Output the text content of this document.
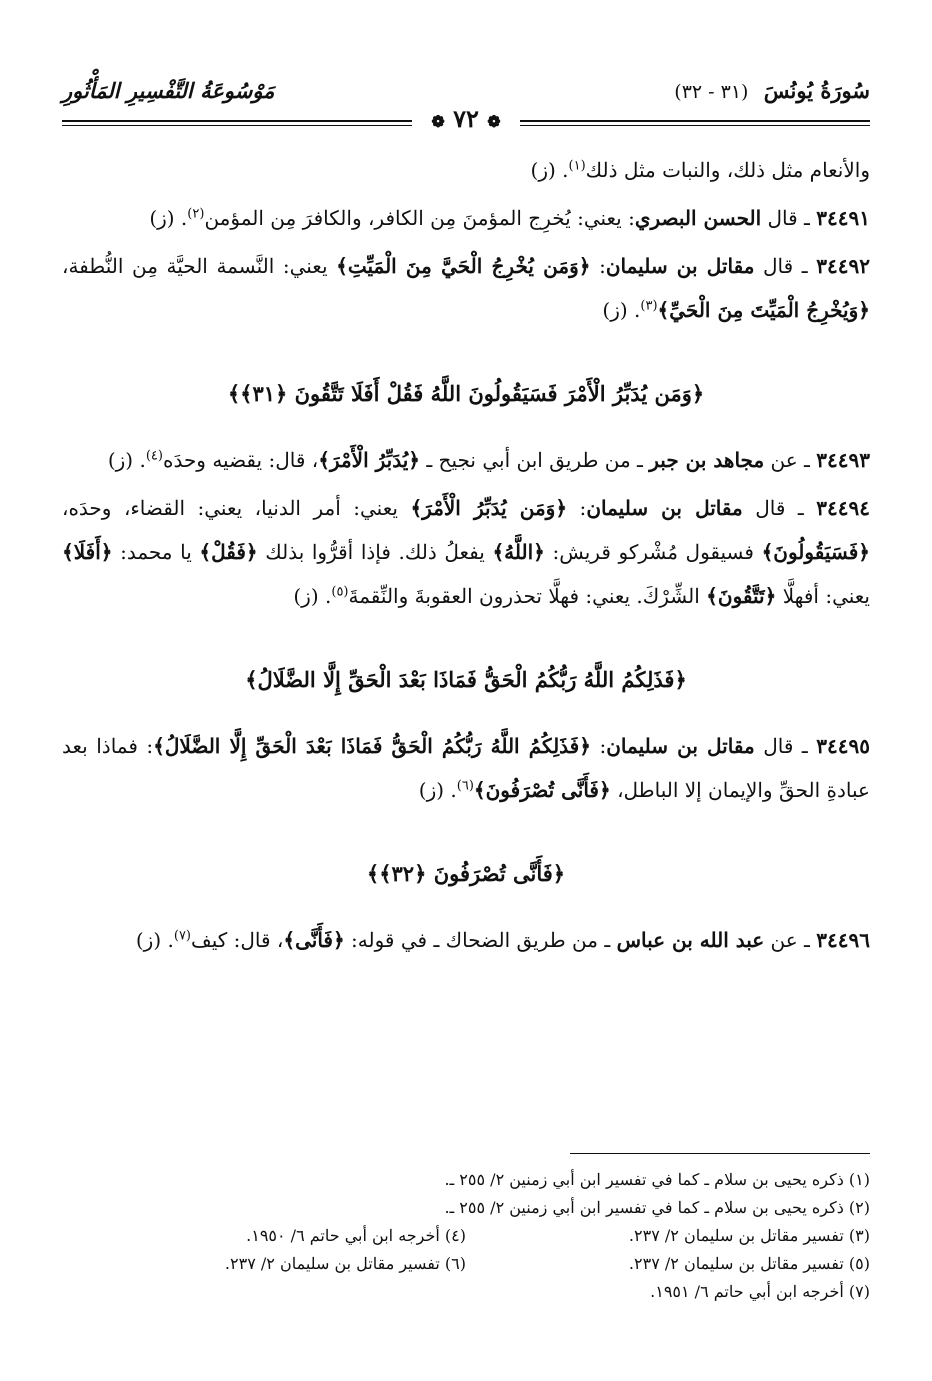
سُورَةُ يُونُسَ (٣١ - ٣٢)
مَوْسُوعَةُ التَّفْسِيرِ المَأْثُورِ
❁ ٧٢ ❁

والأنعام مثل ذلك، والنبات مثل ذلك$^{(١)}$. (ز)

٣٤٤٩١ ـ قال الحسن البصري: يعني: يُخرِج المؤمنَ مِن الكافر، والكافرَ مِن المؤمن$^{(٢)}$. (ز)

٣٤٤٩٢ ـ قال مقاتل بن سليمان: ﴿وَمَن يُخْرِجُ الْحَيَّ مِنَ الْمَيِّتِ﴾ يعني: النَّسمة الحيَّة مِن النُّطفة، ﴿وَيُخْرِجُ الْمَيِّتَ مِنَ الْحَيِّ﴾$^{(٣)}$. (ز)

﴿وَمَن يُدَبِّرُ الْأَمْرَ فَسَيَقُولُونَ اللَّهُ فَقُلْ أَفَلَا تَتَّقُونَ ﴿٣١﴾﴾

٣٤٤٩٣ ـ عن مجاهد بن جبر ـ من طريق ابن أبي نجيح ـ ﴿يُدَبِّرُ الْأَمْرَ﴾، قال: يقضيه وحدَه$^{(٤)}$. (ز)

٣٤٤٩٤ ـ قال مقاتل بن سليمان: ﴿وَمَن يُدَبِّرُ الْأَمْرَ﴾ يعني: أمر الدنيا، يعني: القضاء، وحدَه، ﴿فَسَيَقُولُونَ﴾ فسيقول مُشْركو قريش: ﴿اللَّهُ﴾ يفعلُ ذلك. فإذا أقرُّوا بذلك ﴿فَقُلْ﴾ يا محمد: ﴿أَفَلَا﴾ يعني: أفهلَّا ﴿تَتَّقُونَ﴾ الشِّرْكَ. يعني: فهلَّا تحذرون العقوبةَ والنِّقمةَ$^{(٥)}$. (ز)

﴿فَذَلِكُمُ اللَّهُ رَبُّكُمُ الْحَقُّ فَمَاذَا بَعْدَ الْحَقِّ إِلَّا الضَّلَالُ﴾

٣٤٤٩٥ ـ قال مقاتل بن سليمان: ﴿فَذَلِكُمُ اللَّهُ رَبُّكُمُ الْحَقُّ فَمَاذَا بَعْدَ الْحَقِّ إِلَّا الضَّلَالُ﴾: فماذا بعد عبادةِ الحقِّ والإيمان إلا الباطل، ﴿فَأَنَّى تُصْرَفُونَ﴾$^{(٦)}$. (ز)

﴿فَأَنَّى تُصْرَفُونَ ﴿٣٢﴾﴾

٣٤٤٩٦ ـ عن عبد الله بن عباس ـ من طريق الضحاك ـ في قوله: ﴿فَأَنَّى﴾، قال: كيف$^{(٧)}$. (ز)

(١) ذكره يحيى بن سلام ـ كما في تفسير ابن أبي زمنين ٢/ ٢٥٥ ـ.

(٢) ذكره يحيى بن سلام ـ كما في تفسير ابن أبي زمنين ٢/ ٢٥٥ ـ.

(٣) تفسير مقاتل بن سليمان ٢/ ٢٣٧.
(٤) أخرجه ابن أبي حاتم ٦/ ١٩٥٠.
(٥) تفسير مقاتل بن سليمان ٢/ ٢٣٧.
(٦) تفسير مقاتل بن سليمان ٢/ ٢٣٧.

(٧) أخرجه ابن أبي حاتم ٦/ ١٩٥١.
